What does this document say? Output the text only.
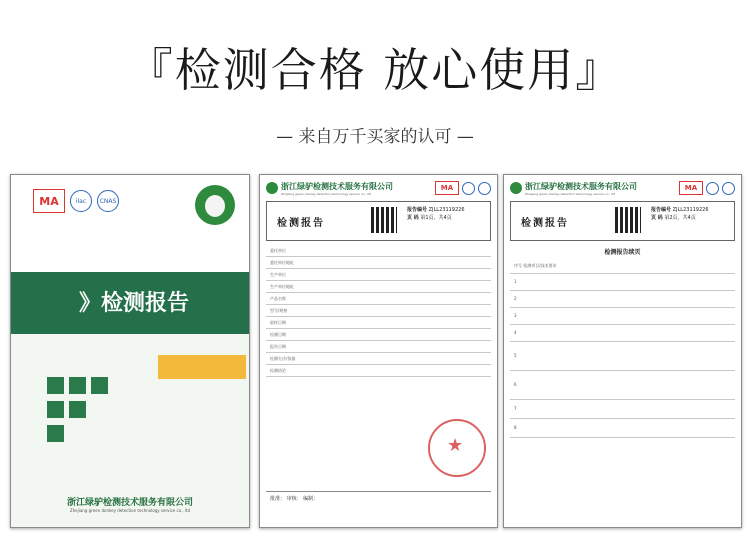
『检测合格 放心使用』
— 来自万千买家的认可 —
MA	ilac	CNAS
》检测报告
浙江绿驴检测技术服务有限公司
Zhejiang green donkey detection technology service co., ltd
浙江绿驴检测技术服务有限公司
Zhejiang green donkey detection technology service co., ltd
MA
检测报告
报告编号 ZJLL23119226
页 码 第1页，共4页
委托单位
委托单位地址
生产单位
生产单位地址
产品名称
型号/规格
收样日期
检测日期
报告日期
检测方法/依据
检测结论
★
批准： 审核： 编制：
浙江绿驴检测技术服务有限公司
Zhejiang green donkey detection technology service co., ltd
MA
检测报告
报告编号 ZJLL23119226
页 码 第2页，共4页
检测报告续页
序号 检测项目/技术要求
1
2
3
4
5
6
7
8
